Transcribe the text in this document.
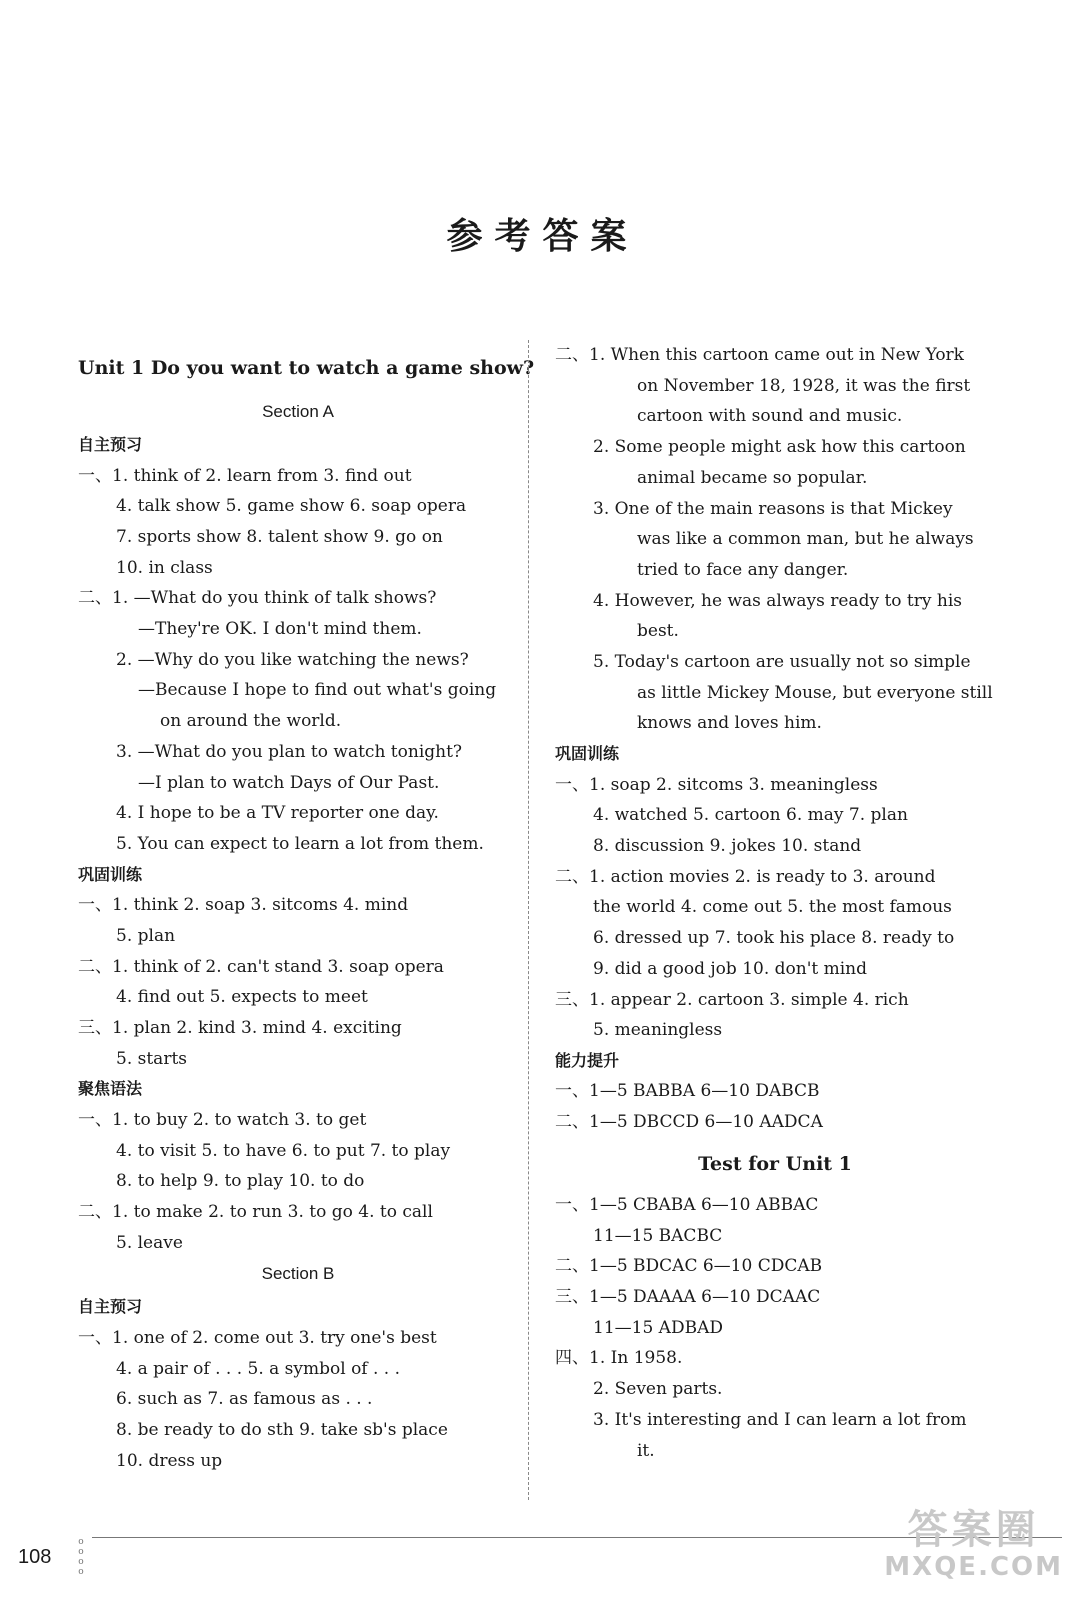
参考答案
Unit 1 Do you want to watch a game show?
Section A
自主预习
一、1. think of 2. learn from 3. find out
4. talk show 5. game show 6. soap opera
7. sports show 8. talent show 9. go on
10. in class
二、1. —What do you think of talk shows?
—They're OK. I don't mind them.
2. —Why do you like watching the news?
—Because I hope to find out what's going
on around the world.
3. —What do you plan to watch tonight?
—I plan to watch Days of Our Past.
4. I hope to be a TV reporter one day.
5. You can expect to learn a lot from them.
巩固训练
一、1. think 2. soap 3. sitcoms 4. mind
5. plan
二、1. think of 2. can't stand 3. soap opera
4. find out 5. expects to meet
三、1. plan 2. kind 3. mind 4. exciting
5. starts
聚焦语法
一、1. to buy 2. to watch 3. to get
4. to visit 5. to have 6. to put 7. to play
8. to help 9. to play 10. to do
二、1. to make 2. to run 3. to go 4. to call
5. leave
Section B
自主预习
一、1. one of 2. come out 3. try one's best
4. a pair of . . . 5. a symbol of . . .
6. such as 7. as famous as . . .
8. be ready to do sth 9. take sb's place
10. dress up
二、1. When this cartoon came out in New York
on November 18, 1928, it was the first
cartoon with sound and music.
2. Some people might ask how this cartoon
animal became so popular.
3. One of the main reasons is that Mickey
was like a common man, but he always
tried to face any danger.
4. However, he was always ready to try his
best.
5. Today's cartoon are usually not so simple
as little Mickey Mouse, but everyone still
knows and loves him.
巩固训练
一、1. soap 2. sitcoms 3. meaningless
4. watched 5. cartoon 6. may 7. plan
8. discussion 9. jokes 10. stand
二、1. action movies 2. is ready to 3. around
the world 4. come out 5. the most famous
6. dressed up 7. took his place 8. ready to
9. did a good job 10. don't mind
三、1. appear 2. cartoon 3. simple 4. rich
5. meaningless
能力提升
一、1—5 BABBA 6—10 DABCB
二、1—5 DBCCD 6—10 AADCA
Test for Unit 1
一、1—5 CBABA 6—10 ABBAC
11—15 BACBC
二、1—5 BDCAC 6—10 CDCAB
三、1—5 DAAAA 6—10 DCAAC
11—15 ADBAD
四、1. In 1958.
2. Seven parts.
3. It's interesting and I can learn a lot from
it.
o
o
o
o
108
答案圈
MXQE.COM
